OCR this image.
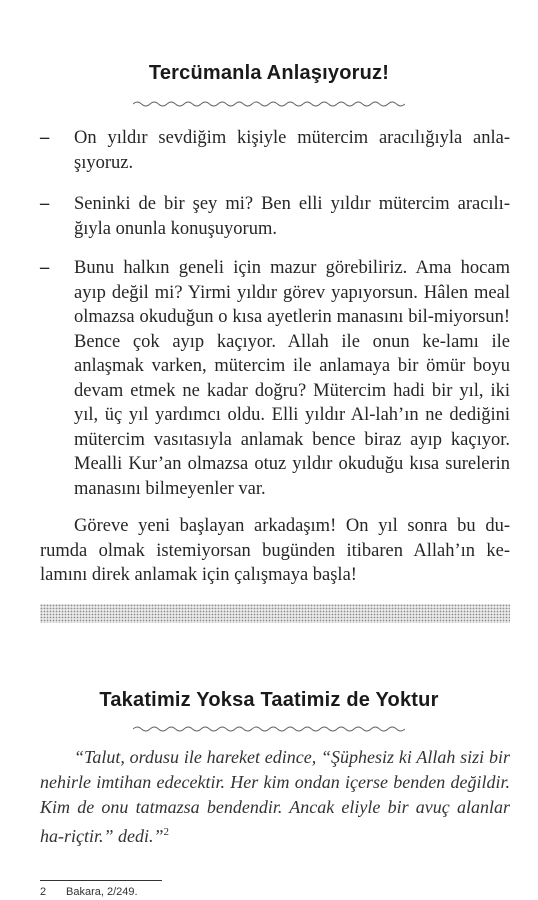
Tercümanla Anlaşıyoruz!
–	On yıldır sevdiğim kişiyle mütercim aracılığıyla anla-şıyoruz.
–	Seninki de bir şey mi? Ben elli yıldır mütercim aracılı-ğıyla onunla konuşuyorum.
–	Bunu halkın geneli için mazur görebiliriz. Ama hocam ayıp değil mi? Yirmi yıldır görev yapıyorsun. Hâlen meal olmazsa okuduğun o kısa ayetlerin manasını bil-miyorsun! Bence çok ayıp kaçıyor. Allah ile onun ke-lamı ile anlaşmak varken, mütercim ile anlamaya bir ömür boyu devam etmek ne kadar doğru? Mütercim hadi bir yıl, iki yıl, üç yıl yardımcı oldu. Elli yıldır Al-lah’ın ne dediğini mütercim vasıtasıyla anlamak bence biraz ayıp kaçıyor. Mealli Kur’an olmazsa otuz yıldır okuduğu kısa surelerin manasını bilmeyenler var.

Göreve yeni başlayan arkadaşım! On yıl sonra bu du-rumda olmak istemiyorsan bugünden itibaren Allah’ın ke-lamını direk anlamak için çalışmaya başla!

Takatimiz Yoksa Taatimiz de Yoktur

“Talut, ordusu ile hareket edince, “Şüphesiz ki Allah sizi bir nehirle imtihan edecektir. Her kim ondan içerse benden değildir. Kim de onu tatmazsa bendendir. Ancak eliyle bir avuç alanlar ha-riçtir.” dedi.”$^2$

2 Bakara, 2/249.
